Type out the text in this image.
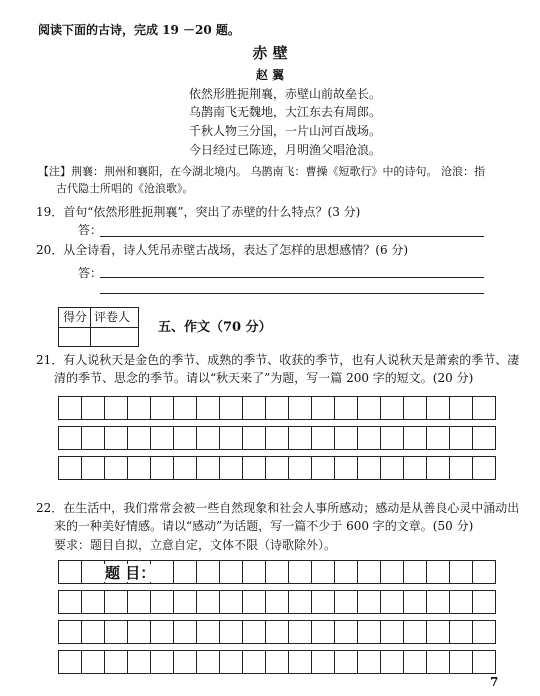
阅读下面的古诗，完成 19 －20 题。
赤 壁
赵 翼
依然形胜扼荆襄，赤壁山前故垒长。
乌鹊南飞无魏地，大江东去有周郎。
千秋人物三分国，一片山河百战场。
今日经过已陈迹，月明渔父唱沧浪。
【注】荆襄：荆州和襄阳，在今湖北境内。 乌鹊南飞：曹操《短歌行》中的诗句。 沧浪：指
古代隐士所唱的《沧浪歌》。
19．首句“依然形胜扼荆襄”，突出了赤壁的什么特点？(3 分)
答：
20．从全诗看，诗人凭吊赤壁古战场，表达了怎样的思想感情？(6 分)
答：
得分 评卷人
五、作文（70 分）
21．有人说秋天是金色的季节、成熟的季节、收获的季节，也有人说秋天是萧索的季节、凄
清的季节、思念的季节。请以“秋天来了”为题，写一篇 200 字的短文。(20 分)

22．在生活中，我们常常会被一些自然现象和社会人事所感动；感动是从善良心灵中涌动出
来的一种美好情感。请以“感动”为话题，写一篇不少于 600 字的文章。(50 分)
要求：题目自拟，立意自定，文体不限（诗歌除外）。

题 目：
7
